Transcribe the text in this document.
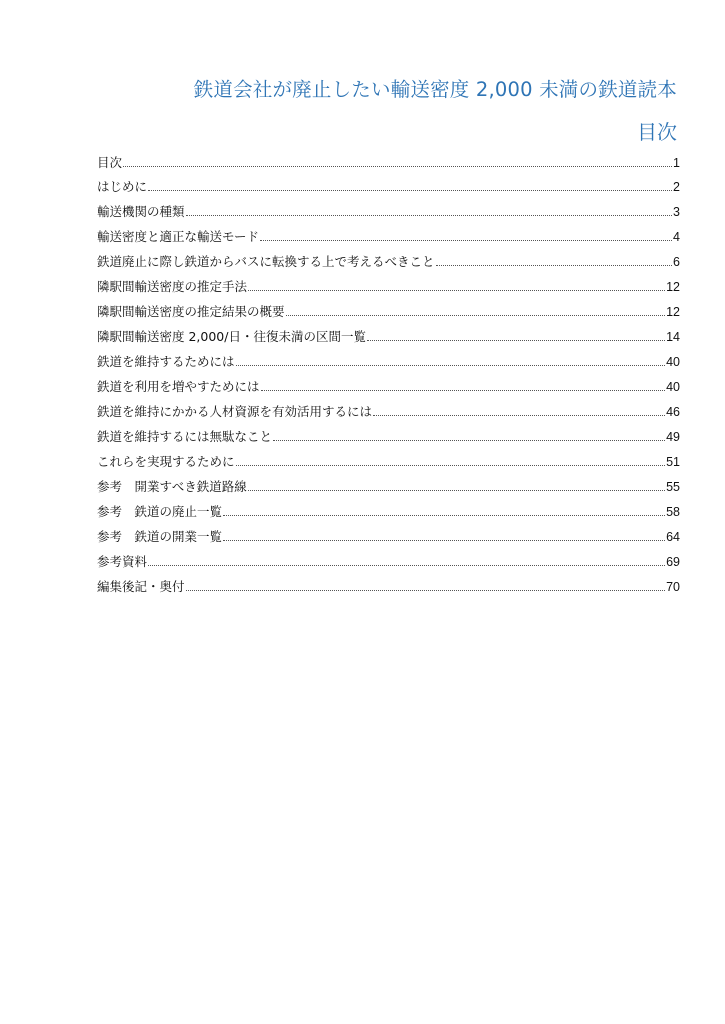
鉄道会社が廃止したい輸送密度 2,000 未満の鉄道読本
目次
目次	1
はじめに	2
輸送機関の種類	3
輸送密度と適正な輸送モード	4
鉄道廃止に際し鉄道からバスに転換する上で考えるべきこと	6
隣駅間輸送密度の推定手法	12
隣駅間輸送密度の推定結果の概要	12
隣駅間輸送密度 2,000/日・往復未満の区間一覧	14
鉄道を維持するためには	40
鉄道を利用を増やすためには	40
鉄道を維持にかかる人材資源を有効活用するには	46
鉄道を維持するには無駄なこと	49
これらを実現するために	51
参考　開業すべき鉄道路線	55
参考　鉄道の廃止一覧	58
参考　鉄道の開業一覧	64
参考資料	69
編集後記・奥付	70
